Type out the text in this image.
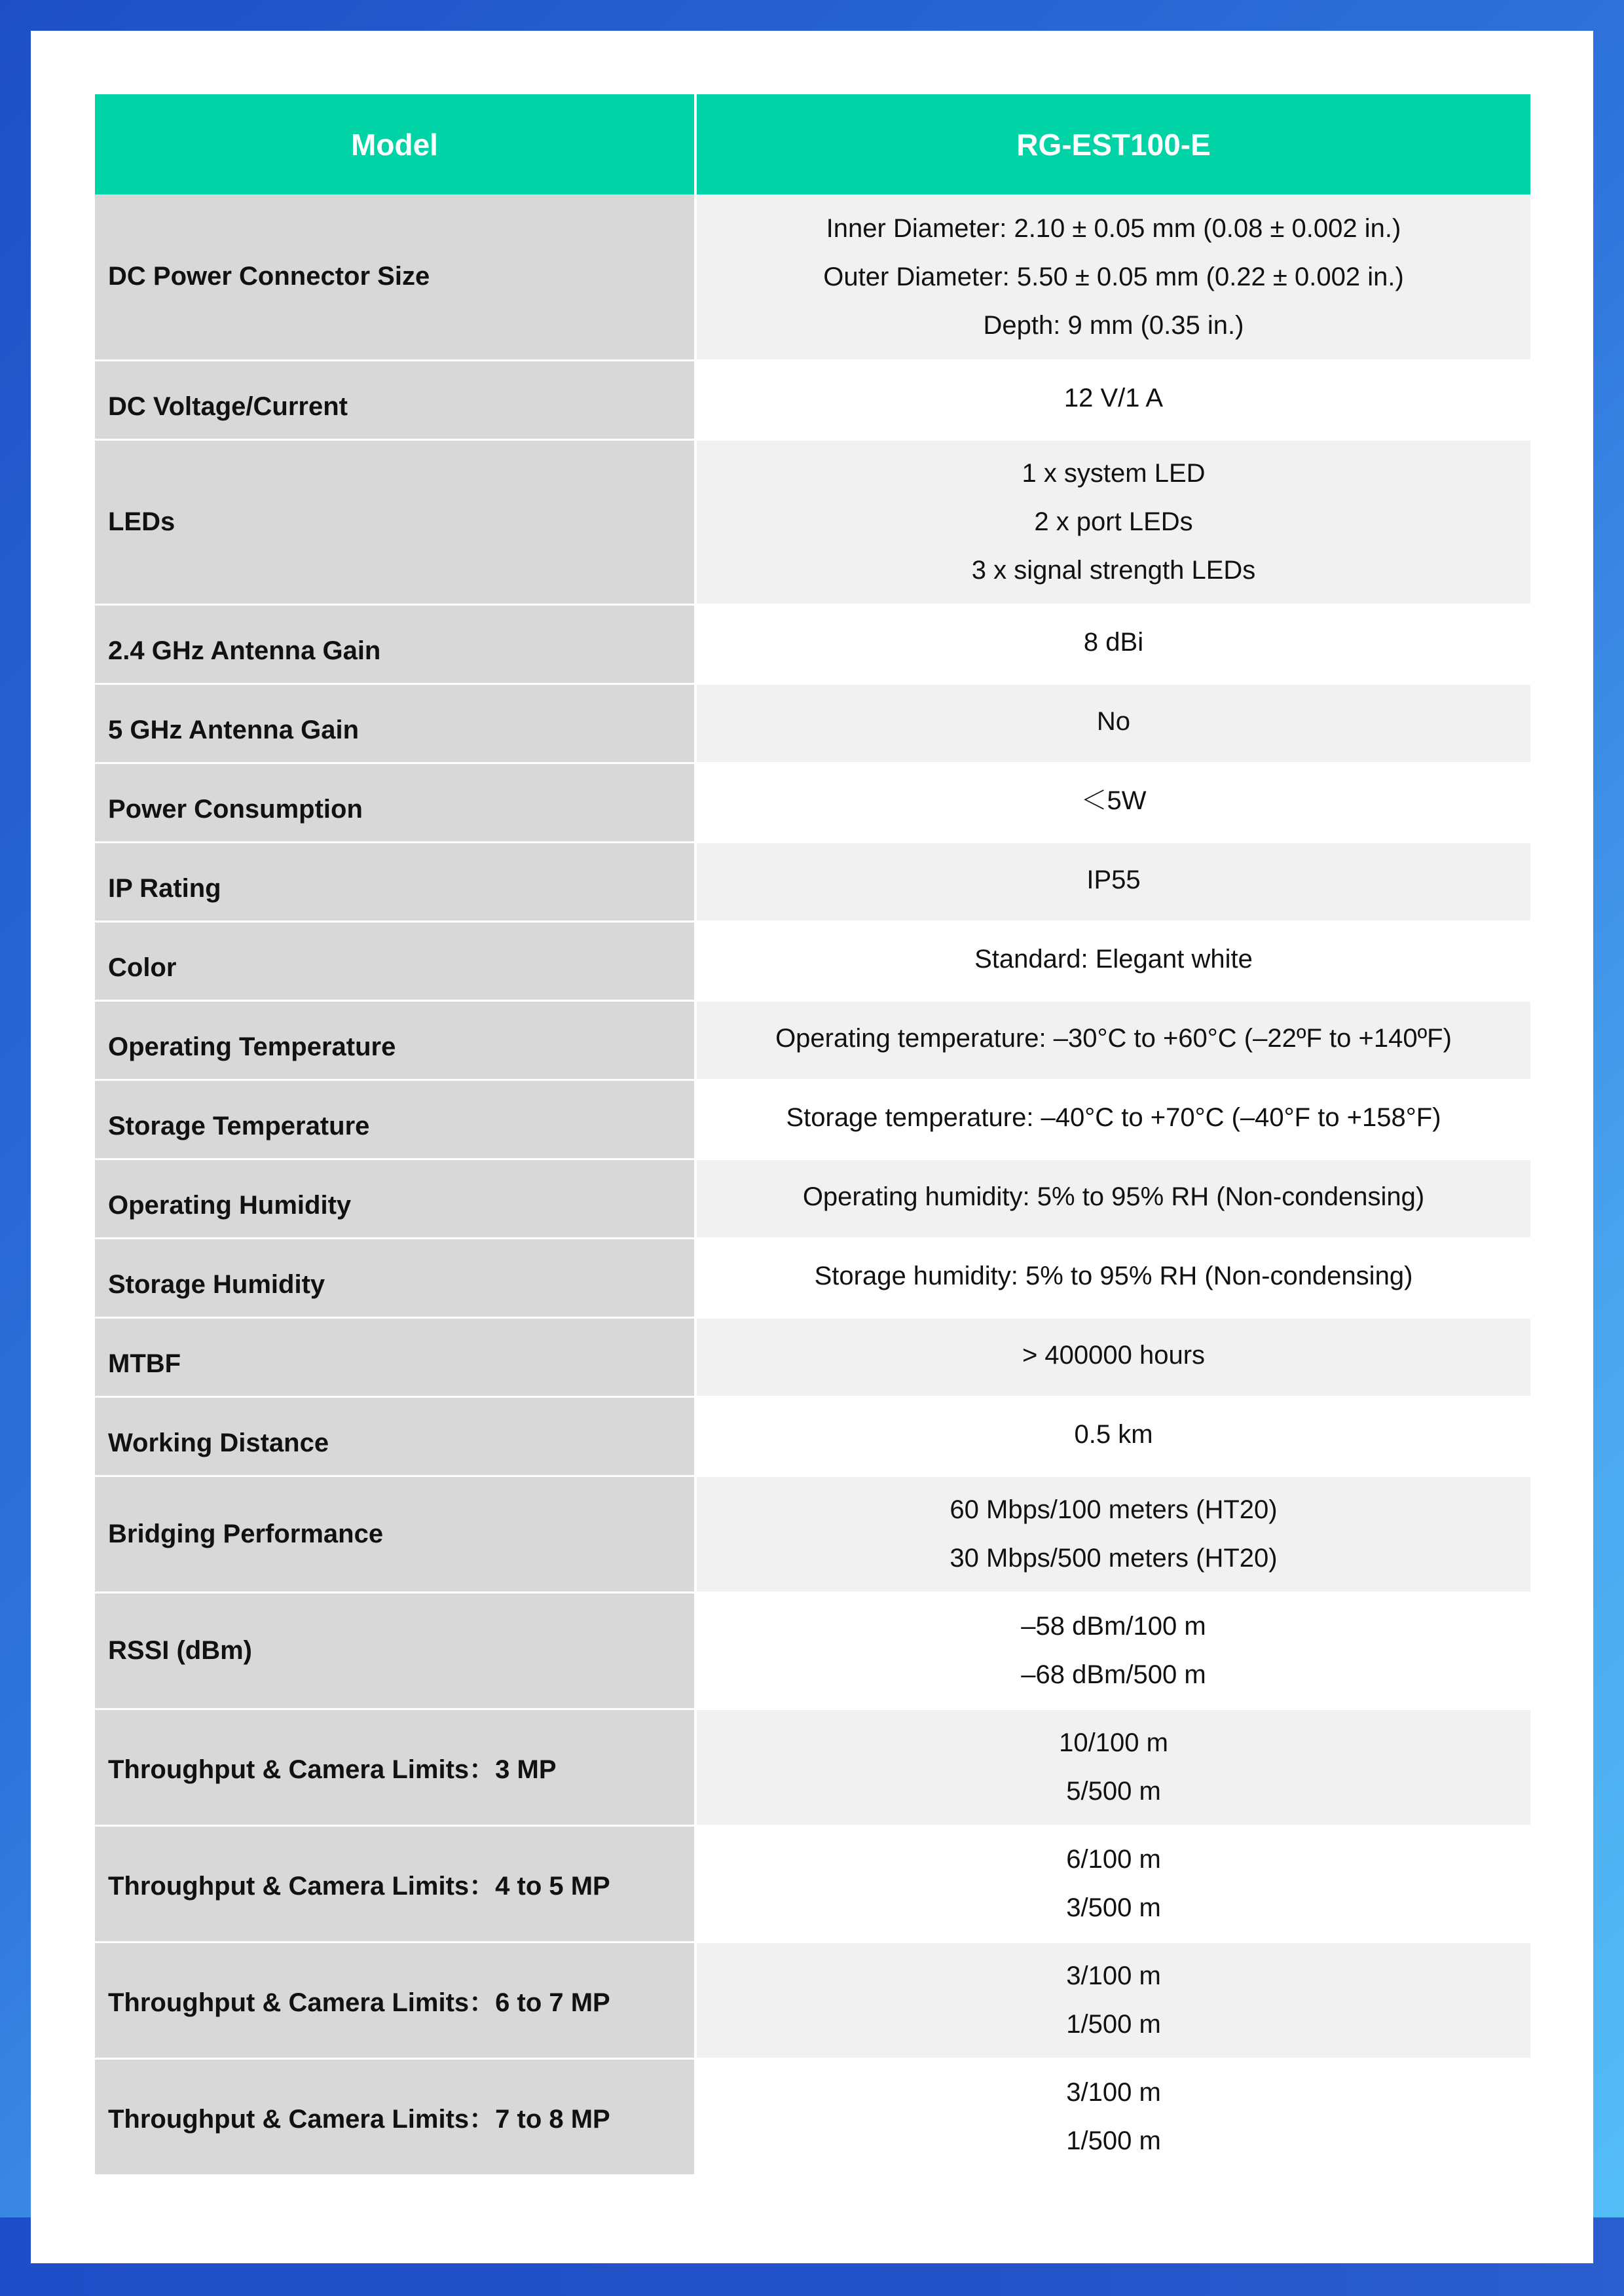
Model	RG-EST100-E
DC Power Connector Size	Inner Diameter: 2.10 ± 0.05 mm (0.08 ± 0.002 in.)
Outer Diameter: 5.50 ± 0.05 mm (0.22 ± 0.002 in.)
Depth: 9 mm (0.35 in.)

DC Voltage/Current	12 V/1 A

LEDs	1 x system LED
2 x port LEDs
3 x signal strength LEDs

2.4 GHz Antenna Gain	8 dBi

5 GHz Antenna Gain	No

Power Consumption	＜5W

IP Rating	IP55

Color	Standard: Elegant white

Operating Temperature	Operating temperature: –30°C to +60°C (–22ºF to +140ºF)

Storage Temperature	Storage temperature: –40°C to +70°C (–40°F to +158°F)

Operating Humidity	Operating humidity: 5% to 95% RH (Non-condensing)

Storage Humidity	Storage humidity: 5% to 95% RH (Non-condensing)

MTBF	> 400000 hours

Working Distance	0.5 km

Bridging Performance	60 Mbps/100 meters (HT20)
30 Mbps/500 meters (HT20)

RSSI (dBm)	–58 dBm/100 m
–68 dBm/500 m

Throughput & Camera Limits：3 MP	10/100 m
5/500 m

Throughput & Camera Limits：4 to 5 MP	6/100 m
3/500 m

Throughput & Camera Limits：6 to 7 MP	3/100 m
1/500 m

Throughput & Camera Limits：7 to 8 MP	3/100 m
1/500 m
